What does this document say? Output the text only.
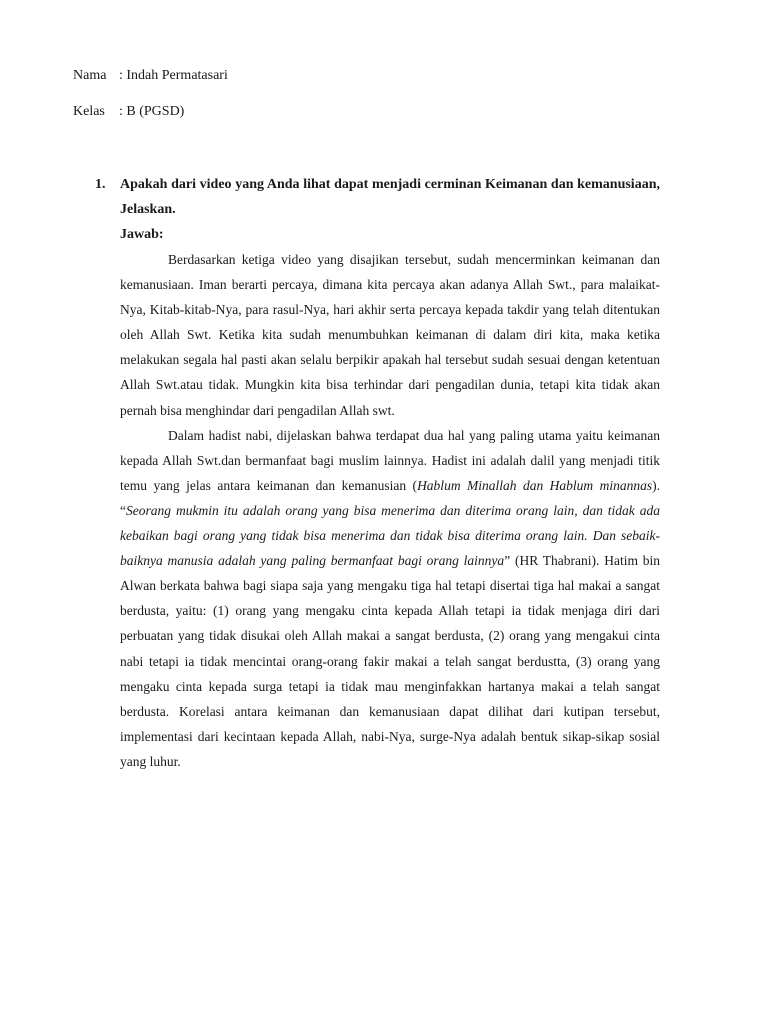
Nama : Indah Permatasari
Kelas : B (PGSD)
1. Apakah dari video yang Anda lihat dapat menjadi cerminan Keimanan dan kemanusiaan, Jelaskan.

Jawab:

Berdasarkan ketiga video yang disajikan tersebut, sudah mencerminkan keimanan dan kemanusiaan. Iman berarti percaya, dimana kita percaya akan adanya Allah Swt., para malaikat-Nya, Kitab-kitab-Nya, para rasul-Nya, hari akhir serta percaya kepada takdir yang telah ditentukan oleh Allah Swt. Ketika kita sudah menumbuhkan keimanan di dalam diri kita, maka ketika melakukan segala hal pasti akan selalu berpikir apakah hal tersebut sudah sesuai dengan ketentuan Allah Swt.atau tidak. Mungkin kita bisa terhindar dari pengadilan dunia, tetapi kita tidak akan pernah bisa menghindar dari pengadilan Allah swt.

Dalam hadist nabi, dijelaskan bahwa terdapat dua hal yang paling utama yaitu keimanan kepada Allah Swt.dan bermanfaat bagi muslim lainnya. Hadist ini adalah dalil yang menjadi titik temu yang jelas antara keimanan dan kemanusian (Hablum Minallah dan Hablum minannas). “Seorang mukmin itu adalah orang yang bisa menerima dan diterima orang lain, dan tidak ada kebaikan bagi orang yang tidak bisa menerima dan tidak bisa diterima orang lain. Dan sebaik-baiknya manusia adalah yang paling bermanfaat bagi orang lainnya” (HR Thabrani). Hatim bin Alwan berkata bahwa bagi siapa saja yang mengaku tiga hal tetapi disertai tiga hal makai a sangat berdusta, yaitu: (1) orang yang mengaku cinta kepada Allah tetapi ia tidak menjaga diri dari perbuatan yang tidak disukai oleh Allah makai a sangat berdusta, (2) orang yang mengakui cinta nabi tetapi ia tidak mencintai orang-orang fakir makai a telah sangat berdustta, (3) orang yang mengaku cinta kepada surga tetapi ia tidak mau menginfakkan hartanya makai a telah sangat berdusta. Korelasi antara keimanan dan kemanusiaan dapat dilihat dari kutipan tersebut, implementasi dari kecintaan kepada Allah, nabi-Nya, surge-Nya adalah bentuk sikap-sikap sosial yang luhur.
